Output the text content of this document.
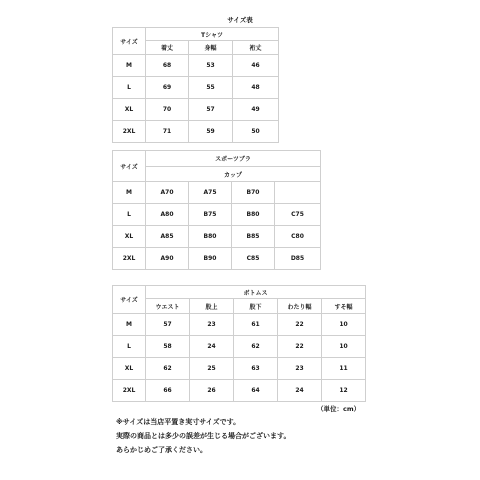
サイズ表
サイズ	Tシャツ		
	着丈	身幅	裄丈
M	68	53	46
L	69	55	48
XL	70	57	49
2XL	71	59	50
サイズ	スポーツブラ			
	カップ			
M	A70	A75	B70	
L	A80	B75	B80	C75
XL	A85	B80	B85	C80
2XL	A90	B90	C85	D85
サイズ	ボトムス				
	ウエスト	股上	股下	わたり幅	すそ幅
M	57	23	61	22	10
L	58	24	62	22	10
XL	62	25	63	23	11
2XL	66	26	64	24	12
（単位：cm）
※サイズは当店平置き実寸サイズです。
実際の商品とは多少の誤差が生じる場合がございます。
あらかじめご了承ください。
